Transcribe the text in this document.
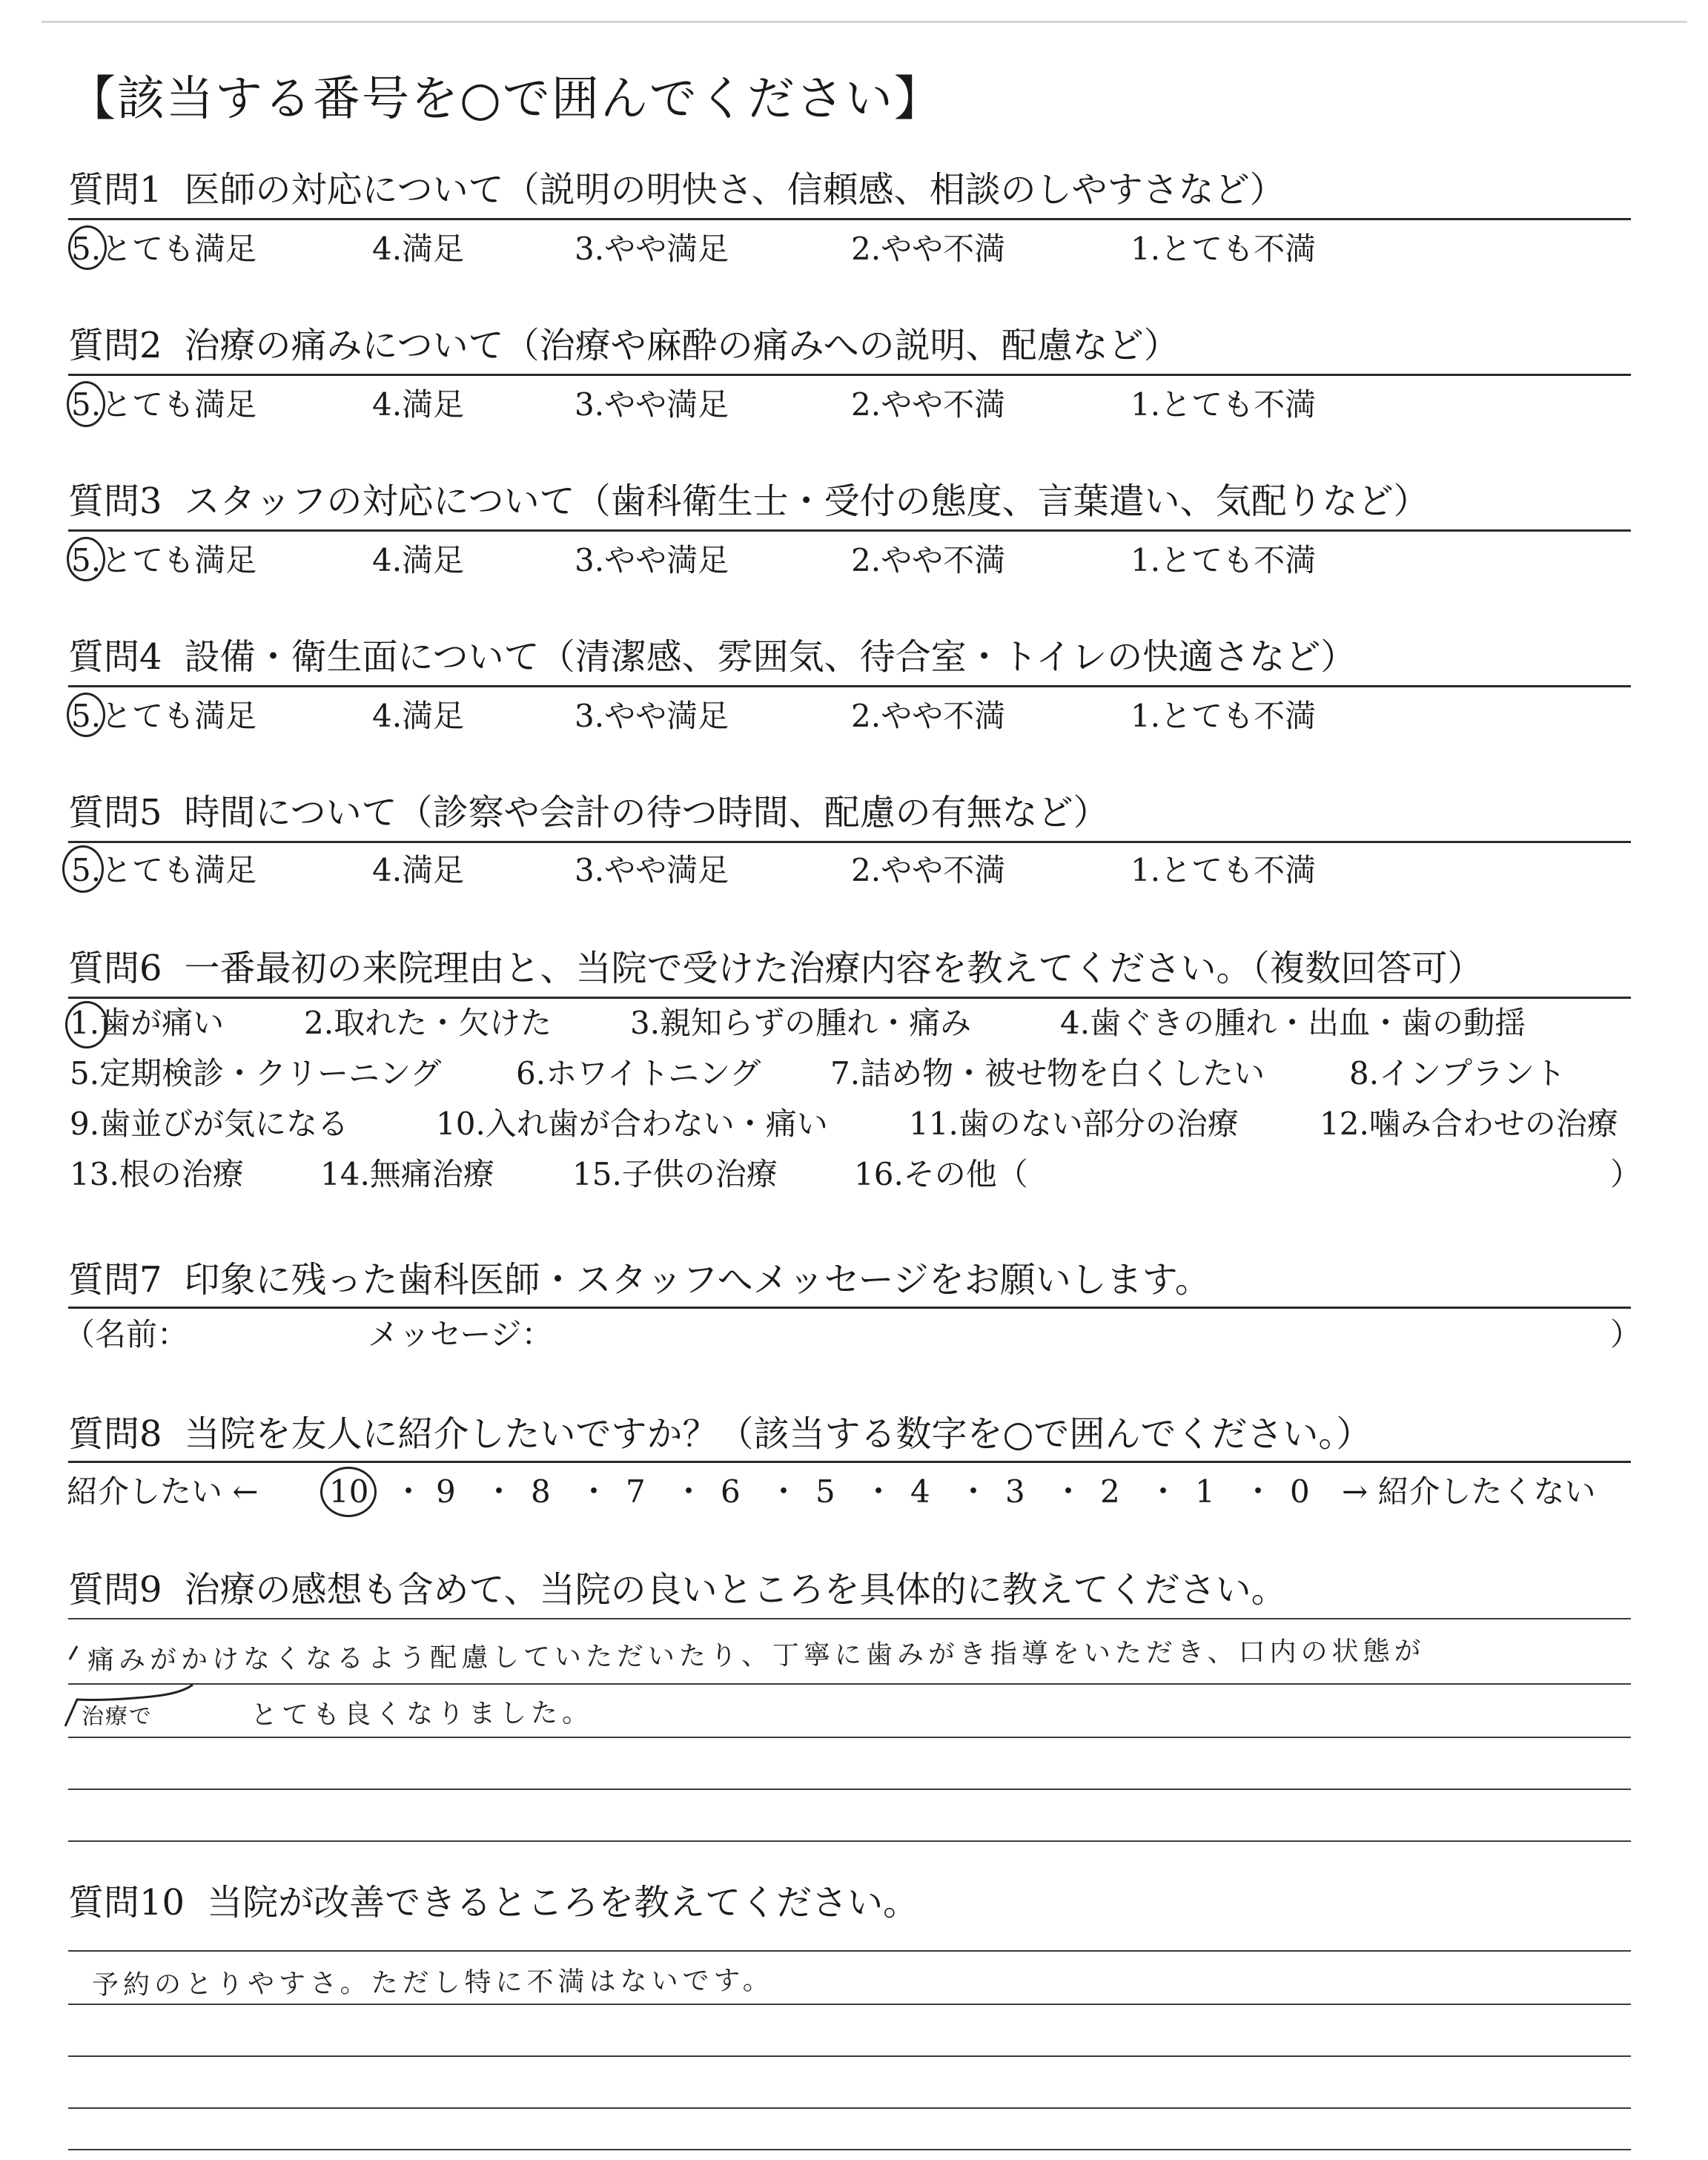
【該当する番号を○で囲んでください】
質問1 医師の対応について（説明の明快さ、信頼感、相談のしやすさなど）
5.とても満足	4.満足	3.やや満足	2.やや不満	1.とても不満
質問2 治療の痛みについて（治療や麻酔の痛みへの説明、配慮など）
5.とても満足	4.満足	3.やや満足	2.やや不満	1.とても不満
質問3 スタッフの対応について（歯科衛生士・受付の態度、言葉遣い、気配りなど）
5.とても満足	4.満足	3.やや満足	2.やや不満	1.とても不満
質問4 設備・衛生面について（清潔感、雰囲気、待合室・トイレの快適さなど）
5.とても満足	4.満足	3.やや満足	2.やや不満	1.とても不満
質問5 時間について（診察や会計の待つ時間、配慮の有無など）
5.とても満足	4.満足	3.やや満足	2.やや不満	1.とても不満
質問6 一番最初の来院理由と、当院で受けた治療内容を教えてください。（複数回答可）
1.歯が痛い	2.取れた・欠けた	3.親知らずの腫れ・痛み	4.歯ぐきの腫れ・出血・歯の動揺
5.定期検診・クリーニング 6.ホワイトニング 7.詰め物・被せ物を白くしたい	8.インプラント
9.歯並びが気になる	10.入れ歯が合わない・痛い	11.歯のない部分の治療	12.噛み合わせの治療
13.根の治療 14.無痛治療	15.子供の治療 16.その他（	）
質問7 印象に残った歯科医師・スタッフへメッセージをお願いします。
（名前：	メッセージ：	）
質問8 当院を友人に紹介したいですか？（該当する数字を○で囲んでください。）
紹介したい ← 10 ・ 9 ・ 8 ・ 7 ・ 6 ・ 5 ・ 4 ・ 3 ・ 2 ・ 1 ・ 0 → 紹介したくない
質問9 治療の感想も含めて、当院の良いところを具体的に教えてください。
痛みがかけなくなるよう配慮していただいたり、丁寧に歯みがき指導をいただき、口内の状態が
治療で	とても良くなりました。
質問10 当院が改善できるところを教えてください。
予約のとりやすさ。ただし特に不満はないです。
